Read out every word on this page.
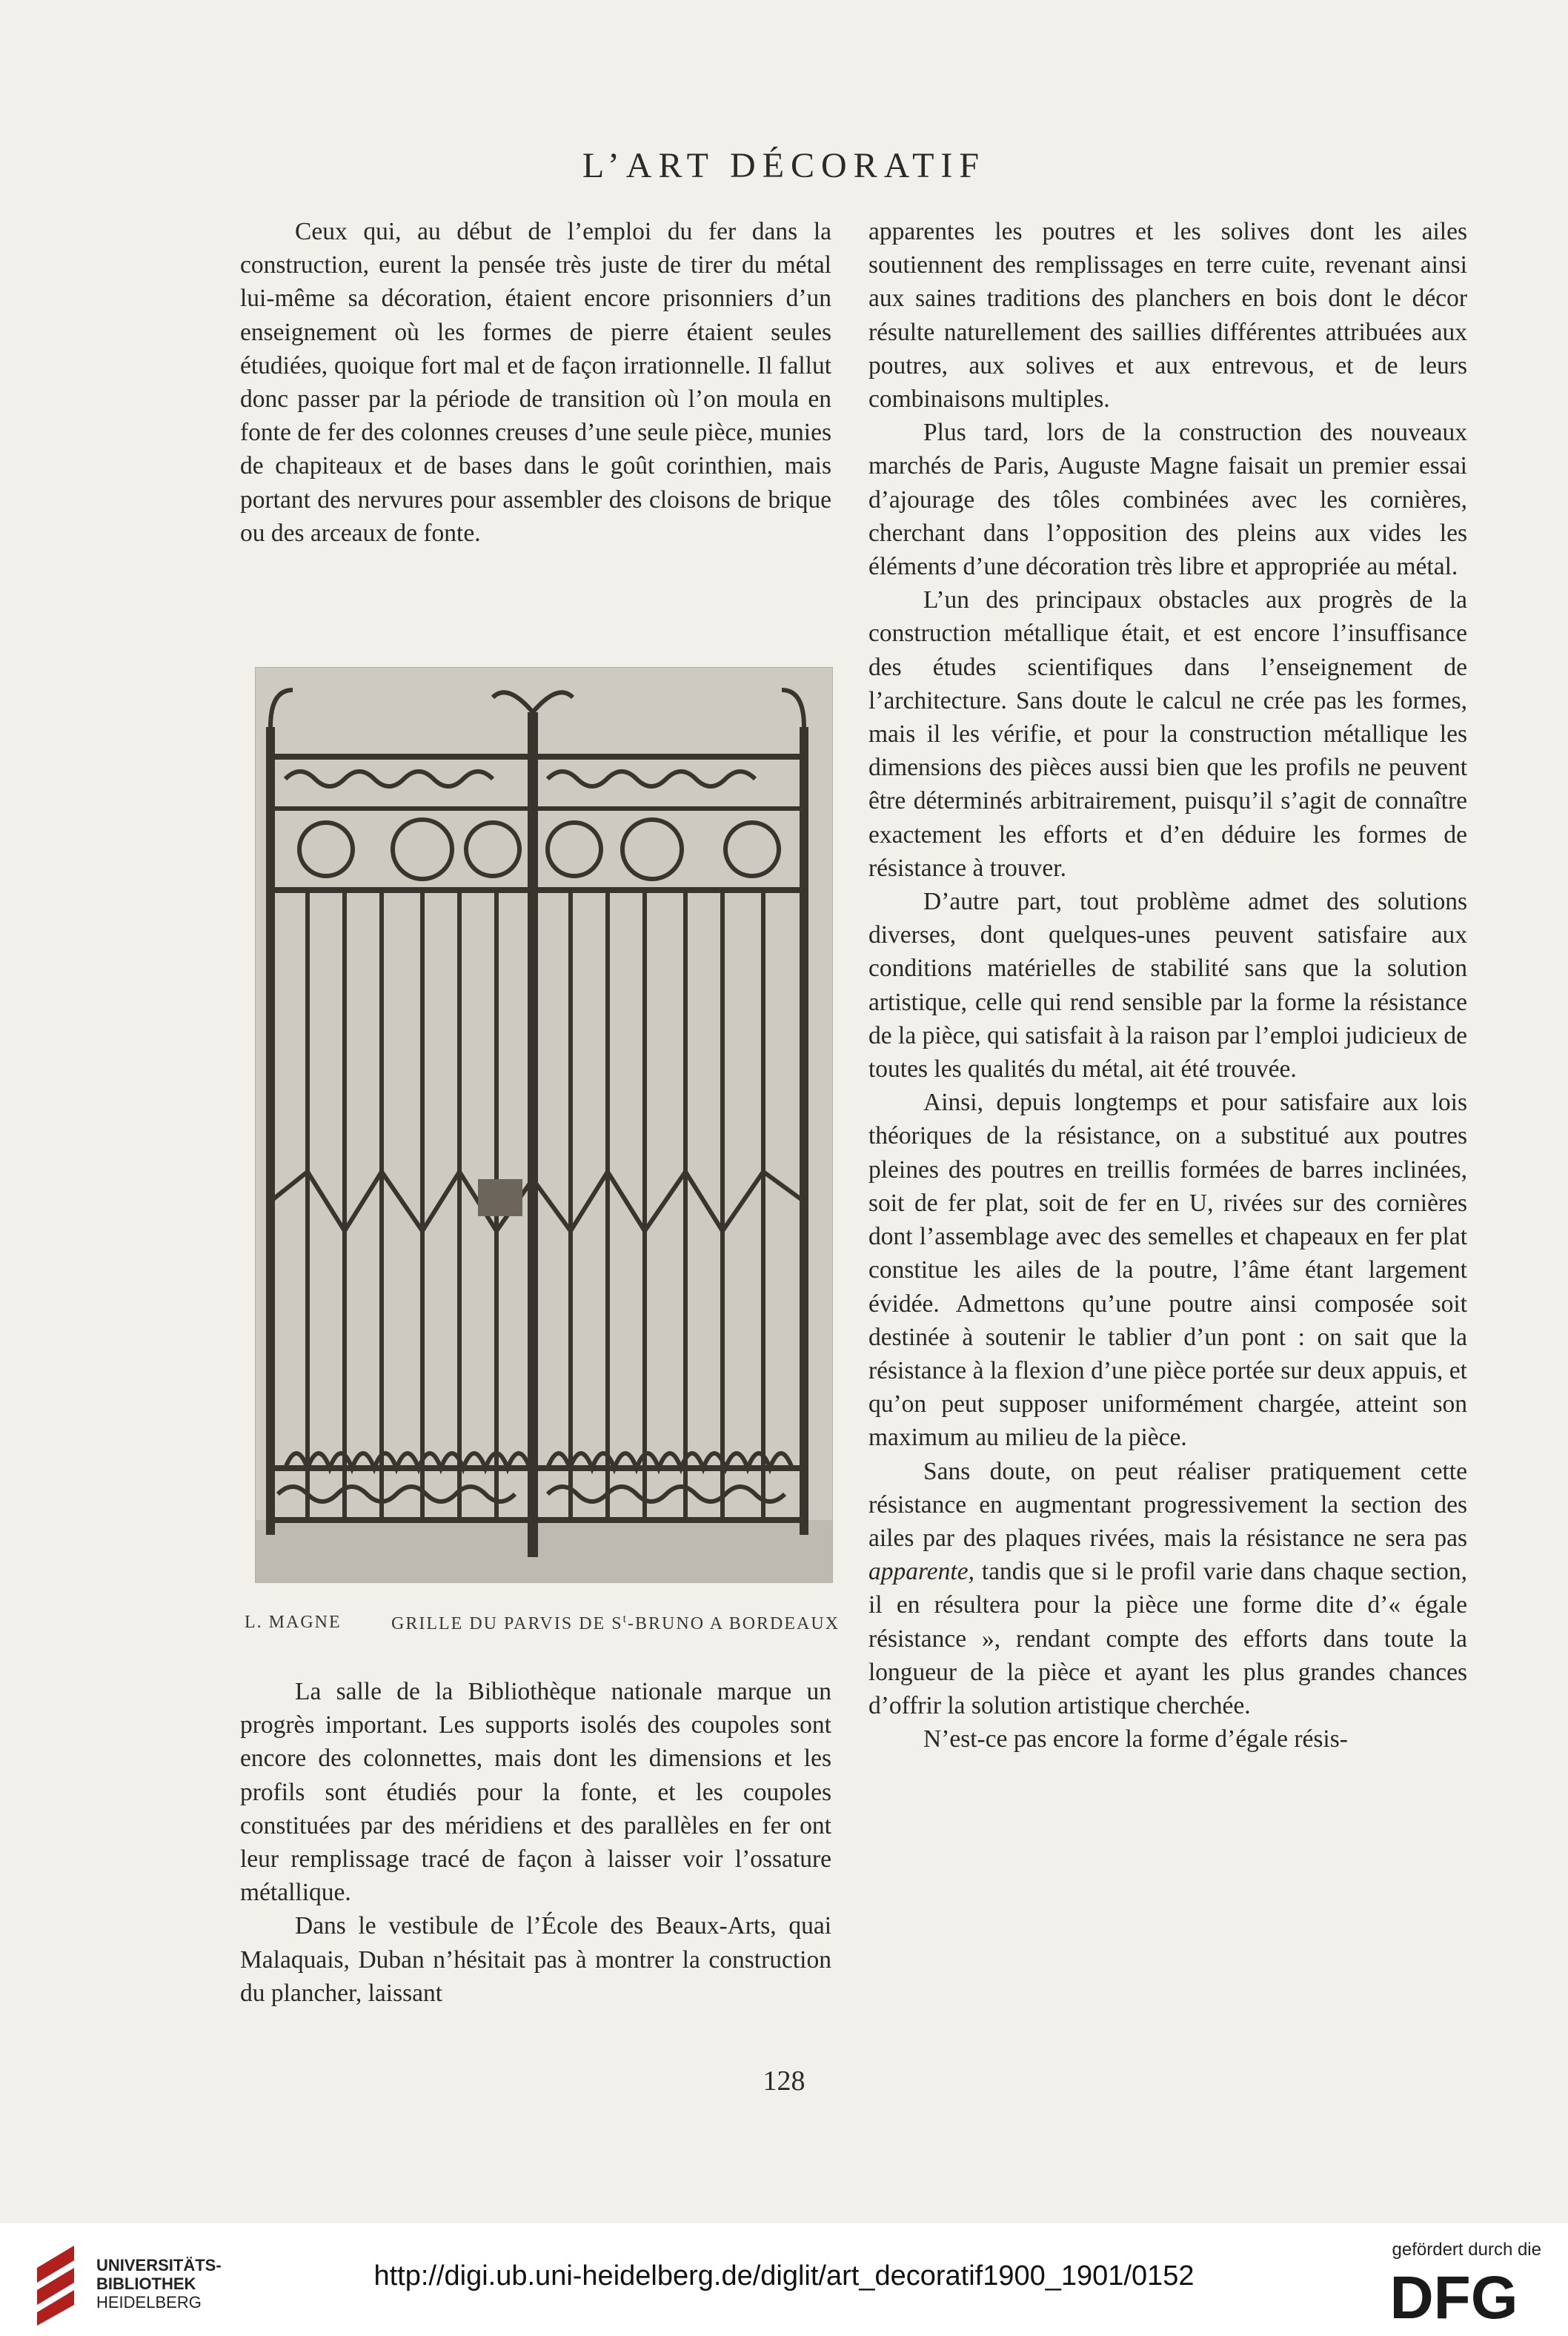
L’ART DÉCORATIF

Ceux qui, au début de l’emploi du fer dans la construction, eurent la pensée très juste de tirer du métal lui-même sa décoration, étaient encore prisonniers d’un enseignement où les formes de pierre étaient seules étudiées, quoique fort mal et de façon irrationnelle. Il fallut donc passer par la période de transition où l’on moula en fonte de fer des colonnes creuses d’une seule pièce, munies de chapiteaux et de bases dans le goût corinthien, mais portant des nervures pour assembler des cloisons de brique ou des arceaux de fonte.

L. MAGNE	GRILLE DU PARVIS DE $S^t$-BRUNO A BORDEAUX

La salle de la Bibliothèque nationale marque un progrès important. Les supports isolés des coupoles sont encore des colonnettes, mais dont les dimensions et les profils sont étudiés pour la fonte, et les coupoles constituées par des méridiens et des parallèles en fer ont leur remplissage tracé de façon à laisser voir l’ossature métallique.

Dans le vestibule de l’École des Beaux-Arts, quai Malaquais, Duban n’hésitait pas à montrer la construction du plancher, laissant

apparentes les poutres et les solives dont les ailes soutiennent des remplissages en terre cuite, revenant ainsi aux saines traditions des planchers en bois dont le décor résulte naturellement des saillies différentes attribuées aux poutres, aux solives et aux entrevous, et de leurs combinaisons multiples.

Plus tard, lors de la construction des nouveaux marchés de Paris, Auguste Magne faisait un premier essai d’ajourage des tôles combinées avec les cornières, cherchant dans l’opposition des pleins aux vides les éléments d’une décoration très libre et appropriée au métal.

L’un des principaux obstacles aux progrès de la construction métallique était, et est encore l’insuffisance des études scientifiques dans l’enseignement de l’architecture. Sans doute le calcul ne crée pas les formes, mais il les vérifie, et pour la construction métallique les dimensions des pièces aussi bien que les profils ne peuvent être déterminés arbitrairement, puisqu’il s’agit de connaître exactement les efforts et d’en déduire les formes de résistance à trouver.

D’autre part, tout problème admet des solutions diverses, dont quelques-unes peuvent satisfaire aux conditions matérielles de stabilité sans que la solution artistique, celle qui rend sensible par la forme la résistance de la pièce, qui satisfait à la raison par l’emploi judicieux de toutes les qualités du métal, ait été trouvée.

Ainsi, depuis longtemps et pour satisfaire aux lois théoriques de la résistance, on a substitué aux poutres pleines des poutres en treillis formées de barres inclinées, soit de fer plat, soit de fer en U, rivées sur des cornières dont l’assemblage avec des semelles et chapeaux en fer plat constitue les ailes de la poutre, l’âme étant largement évidée. Admettons qu’une poutre ainsi composée soit destinée à soutenir le tablier d’un pont : on sait que la résistance à la flexion d’une pièce portée sur deux appuis, et qu’on peut supposer uniformément chargée, atteint son maximum au milieu de la pièce.

Sans doute, on peut réaliser pratiquement cette résistance en augmentant progressivement la section des ailes par des plaques rivées, mais la résistance ne sera pas apparente, tandis que si le profil varie dans chaque section, il en résultera pour la pièce une forme dite d’« égale résistance », rendant compte des efforts dans toute la longueur de la pièce et ayant les plus grandes chances d’offrir la solution artistique cherchée.

N’est-ce pas encore la forme d’égale résis-

128
UNIVERSITÄTS-
BIBLIOTHEK
HEIDELBERG
http://digi.ub.uni-heidelberg.de/diglit/art_decoratif1900_1901/0152
gefördert durch die
DFG
